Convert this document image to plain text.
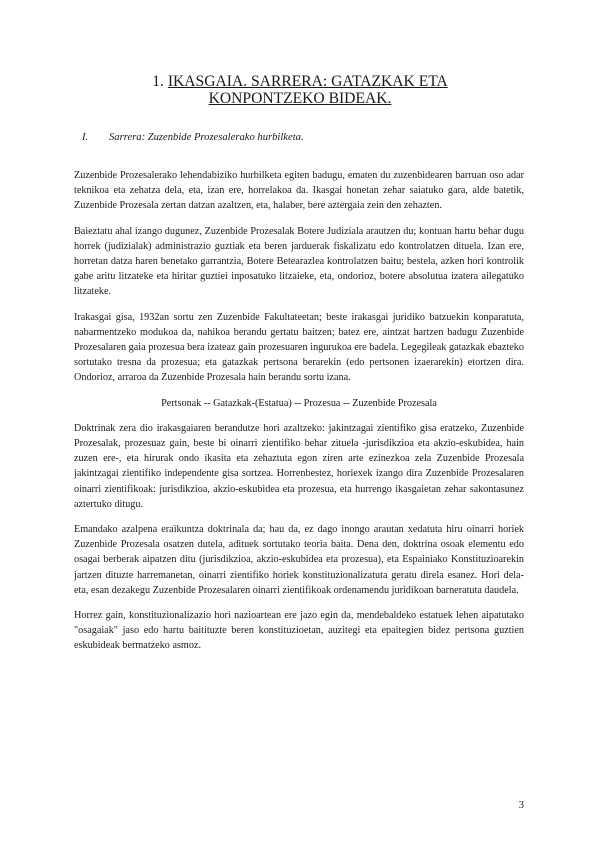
1. IKASGAIA. SARRERA: GATAZKAK ETA
KONPONTZEKO BIDEAK.
I. Sarrera: Zuzenbide Prozesalerako hurbilketa.

Zuzenbide Prozesalerako lehendabiziko hurbilketa egiten badugu, ematen du zuzenbidearen barruan oso adar teknikoa eta zehatza dela, eta, izan ere, horrelakoa da. Ikasgai honetan zehar saiatuko gara, alde batetik, Zuzenbide Prozesala zertan datzan azaltzen, eta, halaber, bere aztergaia zein den zehazten.

Baieztatu ahal izango dugunez, Zuzenbide Prozesalak Botere Judiziala arautzen du; kontuan hartu behar dugu horrek (judizialak) administrazio guztiak eta beren jarduerak fiskalizatu edo kontrolatzen dituela. Izan ere, horretan datza haren benetako garrantzia, Botere Betearazlea kontrolatzen baitu; bestela, azken hori kontrolik gabe aritu litzateke eta hiritar guztiei inposatuko litzaieke, eta, ondorioz, botere absolutua izatera ailegatuko litzateke.

Irakasgai gisa, 1932an sortu zen Zuzenbide Fakultateetan; beste irakasgai juridiko batzuekin konparatuta, nabarmentzeko modukoa da, nahikoa berandu gertatu baitzen; batez ere, aintzat hartzen badugu Zuzenbide Prozesalaren gaia prozesua bera izateaz gain prozesuaren ingurukoa ere badela. Legegileak gatazkak ebazteko sortutako tresna da prozesua; eta gatazkak pertsona berarekin (edo pertsonen izaerarekin) etortzen dira. Ondorioz, arraroa da Zuzenbide Prozesala hain berandu sortu izana.

Pertsonak -- Gatazkak-(Estatua) -- Prozesua -- Zuzenbide Prozesala

Doktrinak zera dio irakasgaiaren berandutze hori azaltzeko: jakintzagai zientifiko gisa eratzeko, Zuzenbide Prozesalak, prozesuaz gain, beste bi oinarri zientifiko behar zituela -jurisdikzioa eta akzio-eskubidea, hain zuzen ere-, eta hirurak ondo ikasita eta zehaztuta egon ziren arte ezinezkoa zela Zuzenbide Prozesala jakintzagai zientifiko independente gisa sortzea. Horrenbestez, horiexek izango dira Zuzenbide Prozesalaren oinarri zientifikoak: jurisdikzioa, akzio-eskubidea eta prozesua, eta hurrengo ikasgaietan zehar sakontasunez aztertuko ditugu.

Emandako azalpena eraikuntza doktrinala da; hau da, ez dago inongo arautan xedatuta hiru oinarri horiek Zuzenbide Prozesala osatzen dutela, adituek sortutako teoria baita. Dena den, doktrina osoak elementu edo osagai berberak aipatzen ditu (jurisdikzioa, akzio-eskubidea eta prozesua), eta Espainiako Konstituzioarekin jartzen dituzte harremanetan, oinarri zientifiko horiek konstituzionalizatuta geratu direla esanez. Hori dela-eta, esan dezakegu Zuzenbide Prozesalaren oinarri zientifikoak ordenamendu juridikoan barneratuta daudela.

Horrez gain, konstituzionalizazio hori nazioartean ere jazo egin da, mendebaldeko estatuek lehen aipatutako "osagaiak" jaso edo hartu baitituzte beren konstituzioetan, auzitegi eta epaitegien bidez pertsona guztien eskubideak bermatzeko asmoz.

3
